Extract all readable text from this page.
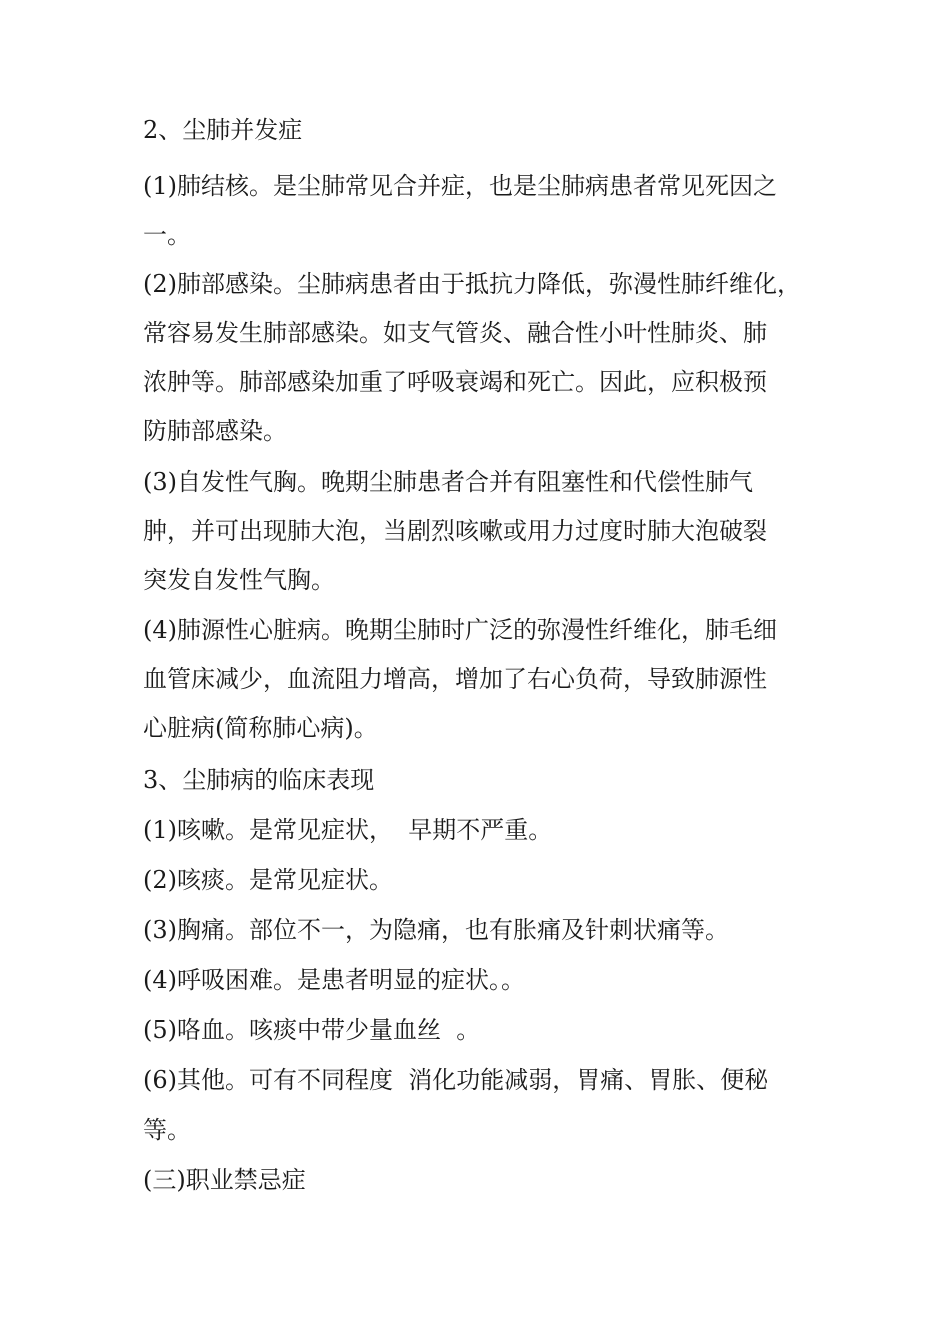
2、尘肺并发症
(1)肺结核。是尘肺常见合并症，也是尘肺病患者常见死因之
一。
(2)肺部感染。尘肺病患者由于抵抗力降低，弥漫性肺纤维化，
常容易发生肺部感染。如支气管炎、融合性小叶性肺炎、肺
浓肿等。肺部感染加重了呼吸衰竭和死亡。因此，应积极预
防肺部感染。
(3)自发性气胸。晚期尘肺患者合并有阻塞性和代偿性肺气
肿，并可出现肺大泡，当剧烈咳嗽或用力过度时肺大泡破裂
突发自发性气胸。
(4)肺源性心脏病。晚期尘肺时广泛的弥漫性纤维化，肺毛细
血管床减少，血流阻力增高，增加了右心负荷，导致肺源性
心脏病(简称肺心病)。
3、尘肺病的临床表现
(1)咳嗽。是常见症状，  早期不严重。
(2)咳痰。是常见症状。
(3)胸痛。部位不一，为隐痛，也有胀痛及针刺状痛等。
(4)呼吸困难。是患者明显的症状。。
(5)咯血。咳痰中带少量血丝  。
(6)其他。可有不同程度  消化功能减弱，胃痛、胃胀、便秘
等。
(三)职业禁忌症
